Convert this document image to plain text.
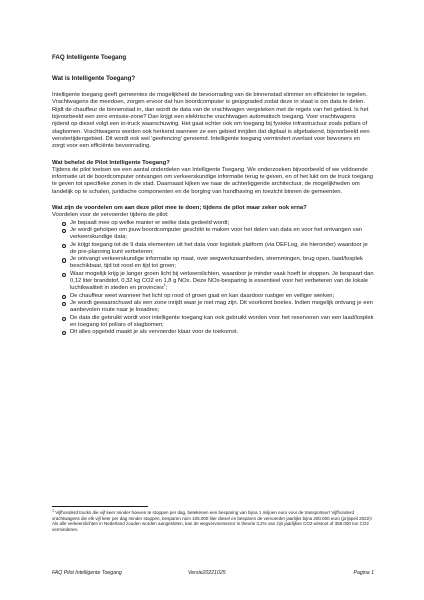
FAQ Intelligente Toegang

Wat is Intelligente Toegang?

Intelligente toegang geeft gemeentes de mogelijkheid de bevoorrading van de binnenstad slimmer en efficiënter te regelen. Vrachtwagens die meedoen, zorgen ervoor dat hun boordcomputer is geüpgraded zodat deze in staat is om data te delen. Rijdt de chauffeur de binnenstad in, dan wordt de data van de vrachtwagen vergeleken met de regels van het gebied. Is het bijvoorbeeld een zero emissie-zone? Dan krijgt een elektrische vrachtwagen automatisch toegang. Voor vrachtwagens rijdend op diesel volgt een in-truck waarschuwing. Het gaat echter ook om toegang bij fysieke infrastructuur zoals pollars of slagbomen. Vrachtwagens worden ook herkend wanneer ze een gebied inrijden dat digitaal is afgebakend, bijvoorbeeld een venstertijdengebied. Dit wordt ook wel 'geofencing' genoemd. Intelligente toegang vermindert overlast voor bewoners en zorgt voor een efficiënte bevoorrading.

Wat behelst de Pilot Intelligente Toegang?

Tijdens de pilot toetsen we een aantal onderdelen van Intelligente Toegang. We onderzoeken bijvoorbeeld of we voldoende informatie uit de boordcomputer ontvangen om verkeerskundige informatie terug te geven, en of het lukt om de truck toegang te geven tot specifieke zones in de stad. Daarnaast kijken we naar de achterliggende architectuur, de mogelijkheden om landelijk op te schalen, juridische componenten en de borging van handhaving en toezicht binnen de gemeenten.

Wat zijn de voordelen om aan deze pilot mee te doen; tijdens de pilot maar zeker ook erna?

Voordelen voor de vervoerder tijdens de pilot:

Je bepaalt mee op welke manier er welke data gedeeld wordt;
Je wordt geholpen om jouw boordcomputer geschikt te maken voor het delen van data en voor het ontvangen van verkeerskundige data;
Je krijgt toegang tot de 9 data elementen uit het data voor logistiek platform (via DEFLog, zie hieronder) waardoor je de pre-planning kunt verbeteren;
Je ontvangt verkeerskundige informatie op maat, over wegwerkzaamheden, stremmingen, brug open, laad/losplek beschikbaar, tijd tot rood en tijd tot groen;
Waar mogelijk krijg je langer groen licht bij verkeerslichten, waardoor je minder vaak hoeft te stoppen. Je bespaart dan 0,12 liter brandstof, 0,32 kg CO2 en 1,8 g NOx. Deze NOx-besparing is essentieel voor het verbeteren van de lokale luchtkwaliteit in steden en provincies$^1$;
De chauffeur weet wanneer het licht op rood of groen gaat en kan daardoor rustiger en veiliger werken;
Je wordt gewaarschuwd als een zone inrijdt waar je niet mag zijn. Dit voorkomt boetes. Indien mogelijk ontvang je een aanbevolen route naar je losadres;
De data die gebruikt wordt voor intelligente toegang kan ook gebruikt worden voor het reserveren van een laad/losplek en toegang tot pollars of slagbomen;
Dit alles opgeteld maakt je als vervoerder klaar voor de toekomst.

$^1$ Vijfhonderd trucks die vijf keer minder hoeven te stoppen per dag, betekenen een besparing van bijna 1 miljoen euro voor de transporteur! Vijfhonderd vrachtwagens die elk vijf keer per dag minder stoppen, besparen ruim 105.000 liter diesel en besparen de vervoerder jaarlijks bijna 200.000 euro (prijspeil 2022)! Als alle verkeerslichten in Nederland zouden worden aangesloten, kan de wegvervoersector in theorie 3,2% van zijn jaarlijkse CO2-uitstoot of 358.000 ton CO2 verminderen.

FAQ Pilot Intelligente Toegang	Versie20221025	Pagina 1
